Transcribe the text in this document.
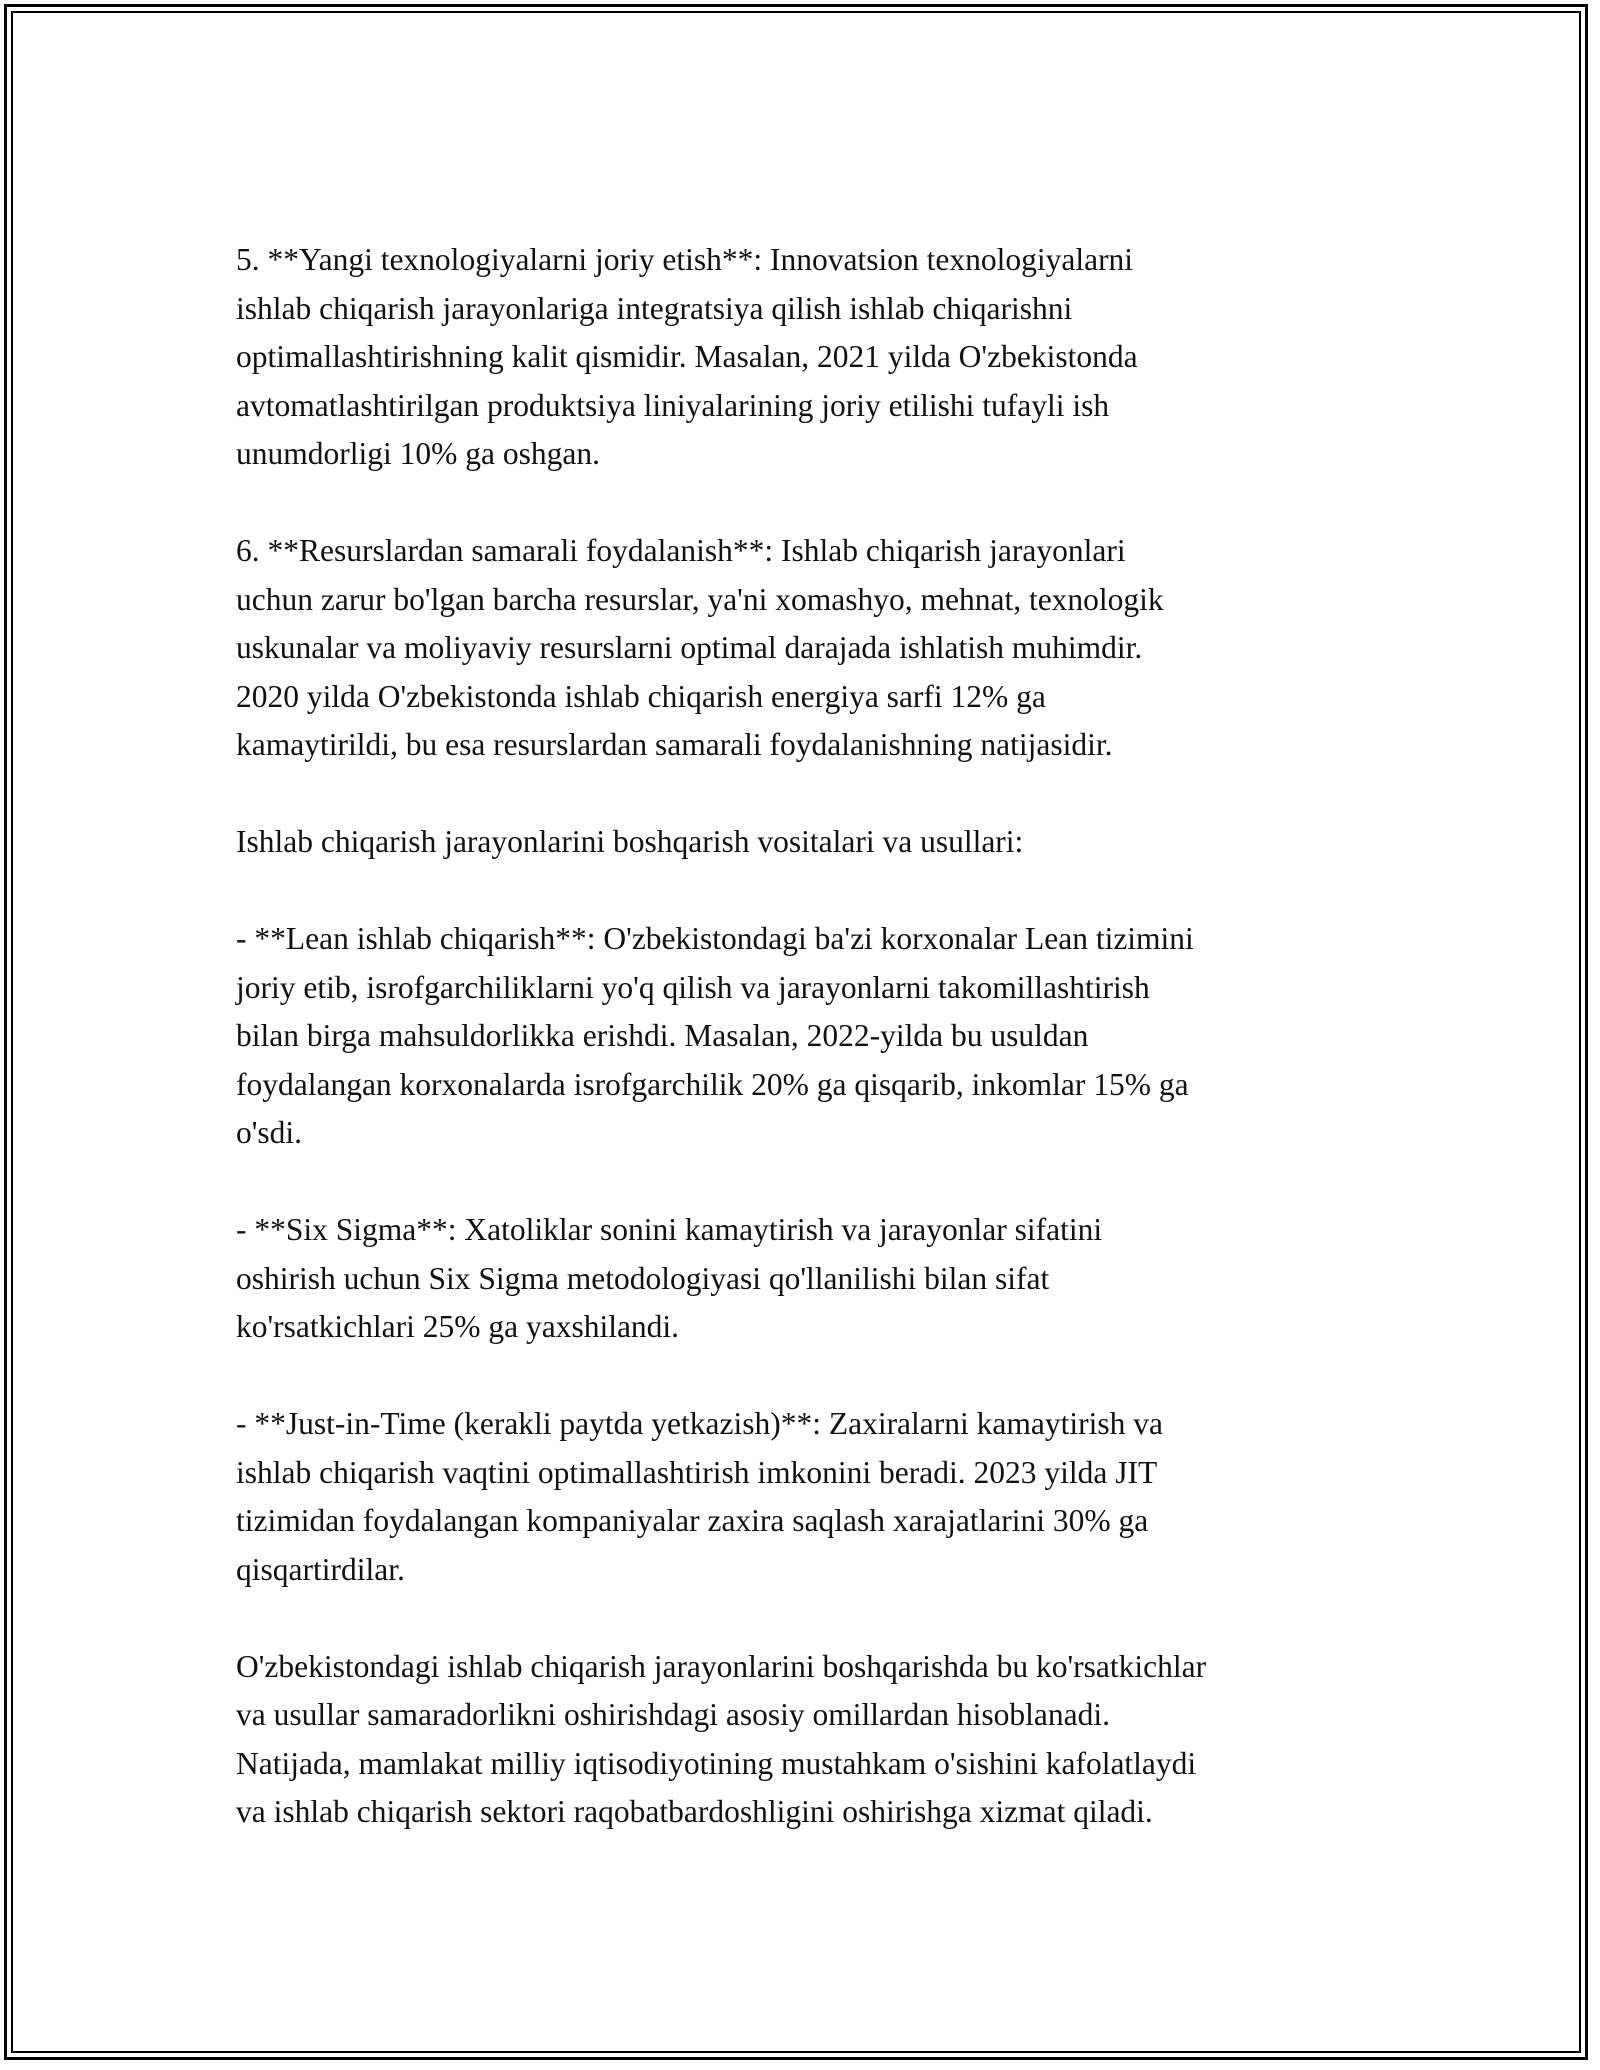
5. **Yangi texnologiyalarni joriy etish**: Innovatsion texnologiyalarni
ishlab chiqarish jarayonlariga integratsiya qilish ishlab chiqarishni
optimallashtirishning kalit qismidir. Masalan, 2021 yilda O'zbekistonda
avtomatlashtirilgan produktsiya liniyalarining joriy etilishi tufayli ish
unumdorligi 10% ga oshgan.
6. **Resurslardan samarali foydalanish**: Ishlab chiqarish jarayonlari
uchun zarur bo'lgan barcha resurslar, ya'ni xomashyo, mehnat, texnologik
uskunalar va moliyaviy resurslarni optimal darajada ishlatish muhimdir.
2020 yilda O'zbekistonda ishlab chiqarish energiya sarfi 12% ga
kamaytirildi, bu esa resurslardan samarali foydalanishning natijasidir.
Ishlab chiqarish jarayonlarini boshqarish vositalari va usullari:
- **Lean ishlab chiqarish**: O'zbekistondagi ba'zi korxonalar Lean tizimini
joriy etib, isrofgarchiliklarni yo'q qilish va jarayonlarni takomillashtirish
bilan birga mahsuldorlikka erishdi. Masalan, 2022-yilda bu usuldan
foydalangan korxonalarda isrofgarchilik 20% ga qisqarib, inkomlar 15% ga
o'sdi.
- **Six Sigma**: Xatoliklar sonini kamaytirish va jarayonlar sifatini
oshirish uchun Six Sigma metodologiyasi qo'llanilishi bilan sifat
ko'rsatkichlari 25% ga yaxshilandi.
- **Just-in-Time (kerakli paytda yetkazish)**: Zaxiralarni kamaytirish va
ishlab chiqarish vaqtini optimallashtirish imkonini beradi. 2023 yilda JIT
tizimidan foydalangan kompaniyalar zaxira saqlash xarajatlarini 30% ga
qisqartirdilar.
O'zbekistondagi ishlab chiqarish jarayonlarini boshqarishda bu ko'rsatkichlar
va usullar samaradorlikni oshirishdagi asosiy omillardan hisoblanadi.
Natijada, mamlakat milliy iqtisodiyotining mustahkam o'sishini kafolatlaydi
va ishlab chiqarish sektori raqobatbardoshligini oshirishga xizmat qiladi.
